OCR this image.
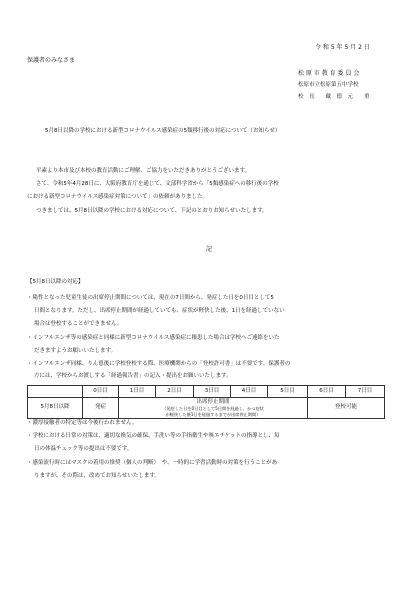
令 和 5 年 5 月 2 日
保護者のみなさま
松 原 市 教 育 委 員 会
松原市立松原第五中学校
校　長　　藏　德　元　　重
5月8日以降の学校における新型コロナウイルス感染症の5類移行後の対応について（お知らせ）
平素より本市及び本校の教育活動にご理解、ご協力をいただきありがとうございます。
さて、令和5年4月28日に、大阪府教育庁を通じて、文部科学省から「5類感染症への移行後の学校
における新型コロナウイルス感染症対策について」の依頼がありました。
つきましては、5月8日以降の学校における対応について、下記のとおりお知らせいたします。
記
【5月8日以降の対応】
・陽性となった児童生徒の出席停止期間については、現在の7日間から、発症した日を0日目として5
日間となります。ただし、出席停止期間が経過していても、症状が軽快した後、1日を経過していない
場合は登校することができません。
・インフルエンザ等の感染症と同様に新型コロナウイルス感染症に罹患した場合は学校へご連絡をいた
だきますようお願いいたします。
・インフルエンザ同様、りん患後に学校登校する際、医療機関からの「登校許可書」は不要です。保護者の
方には、学校からお渡しする「経過報告書」の記入・提出をお願いいたします。
	0日目	1日目	2日目	3日目	4日目	5日目	6日目	7日目
5月8日以降	発症	出席停止期間
（発症した日を0日目として5日間を経過し、かつ症状
が軽快した後1日を経過するまでが出席停止期間）					登校可能	
・濃厚接触者の特定等は今後行われません。
・学校における日常の対策は、適切な換気の確保、手洗い等の手指衛生や咳エチケットの指導とし、毎
日の体温チェック等の提出は不要です。
・感染流行時にはマスクの着用の推奨（個人の判断）　や、一時的に学習活動時の対策を行うことがあ
りますが、その際は、改めてお知らせいたします。
